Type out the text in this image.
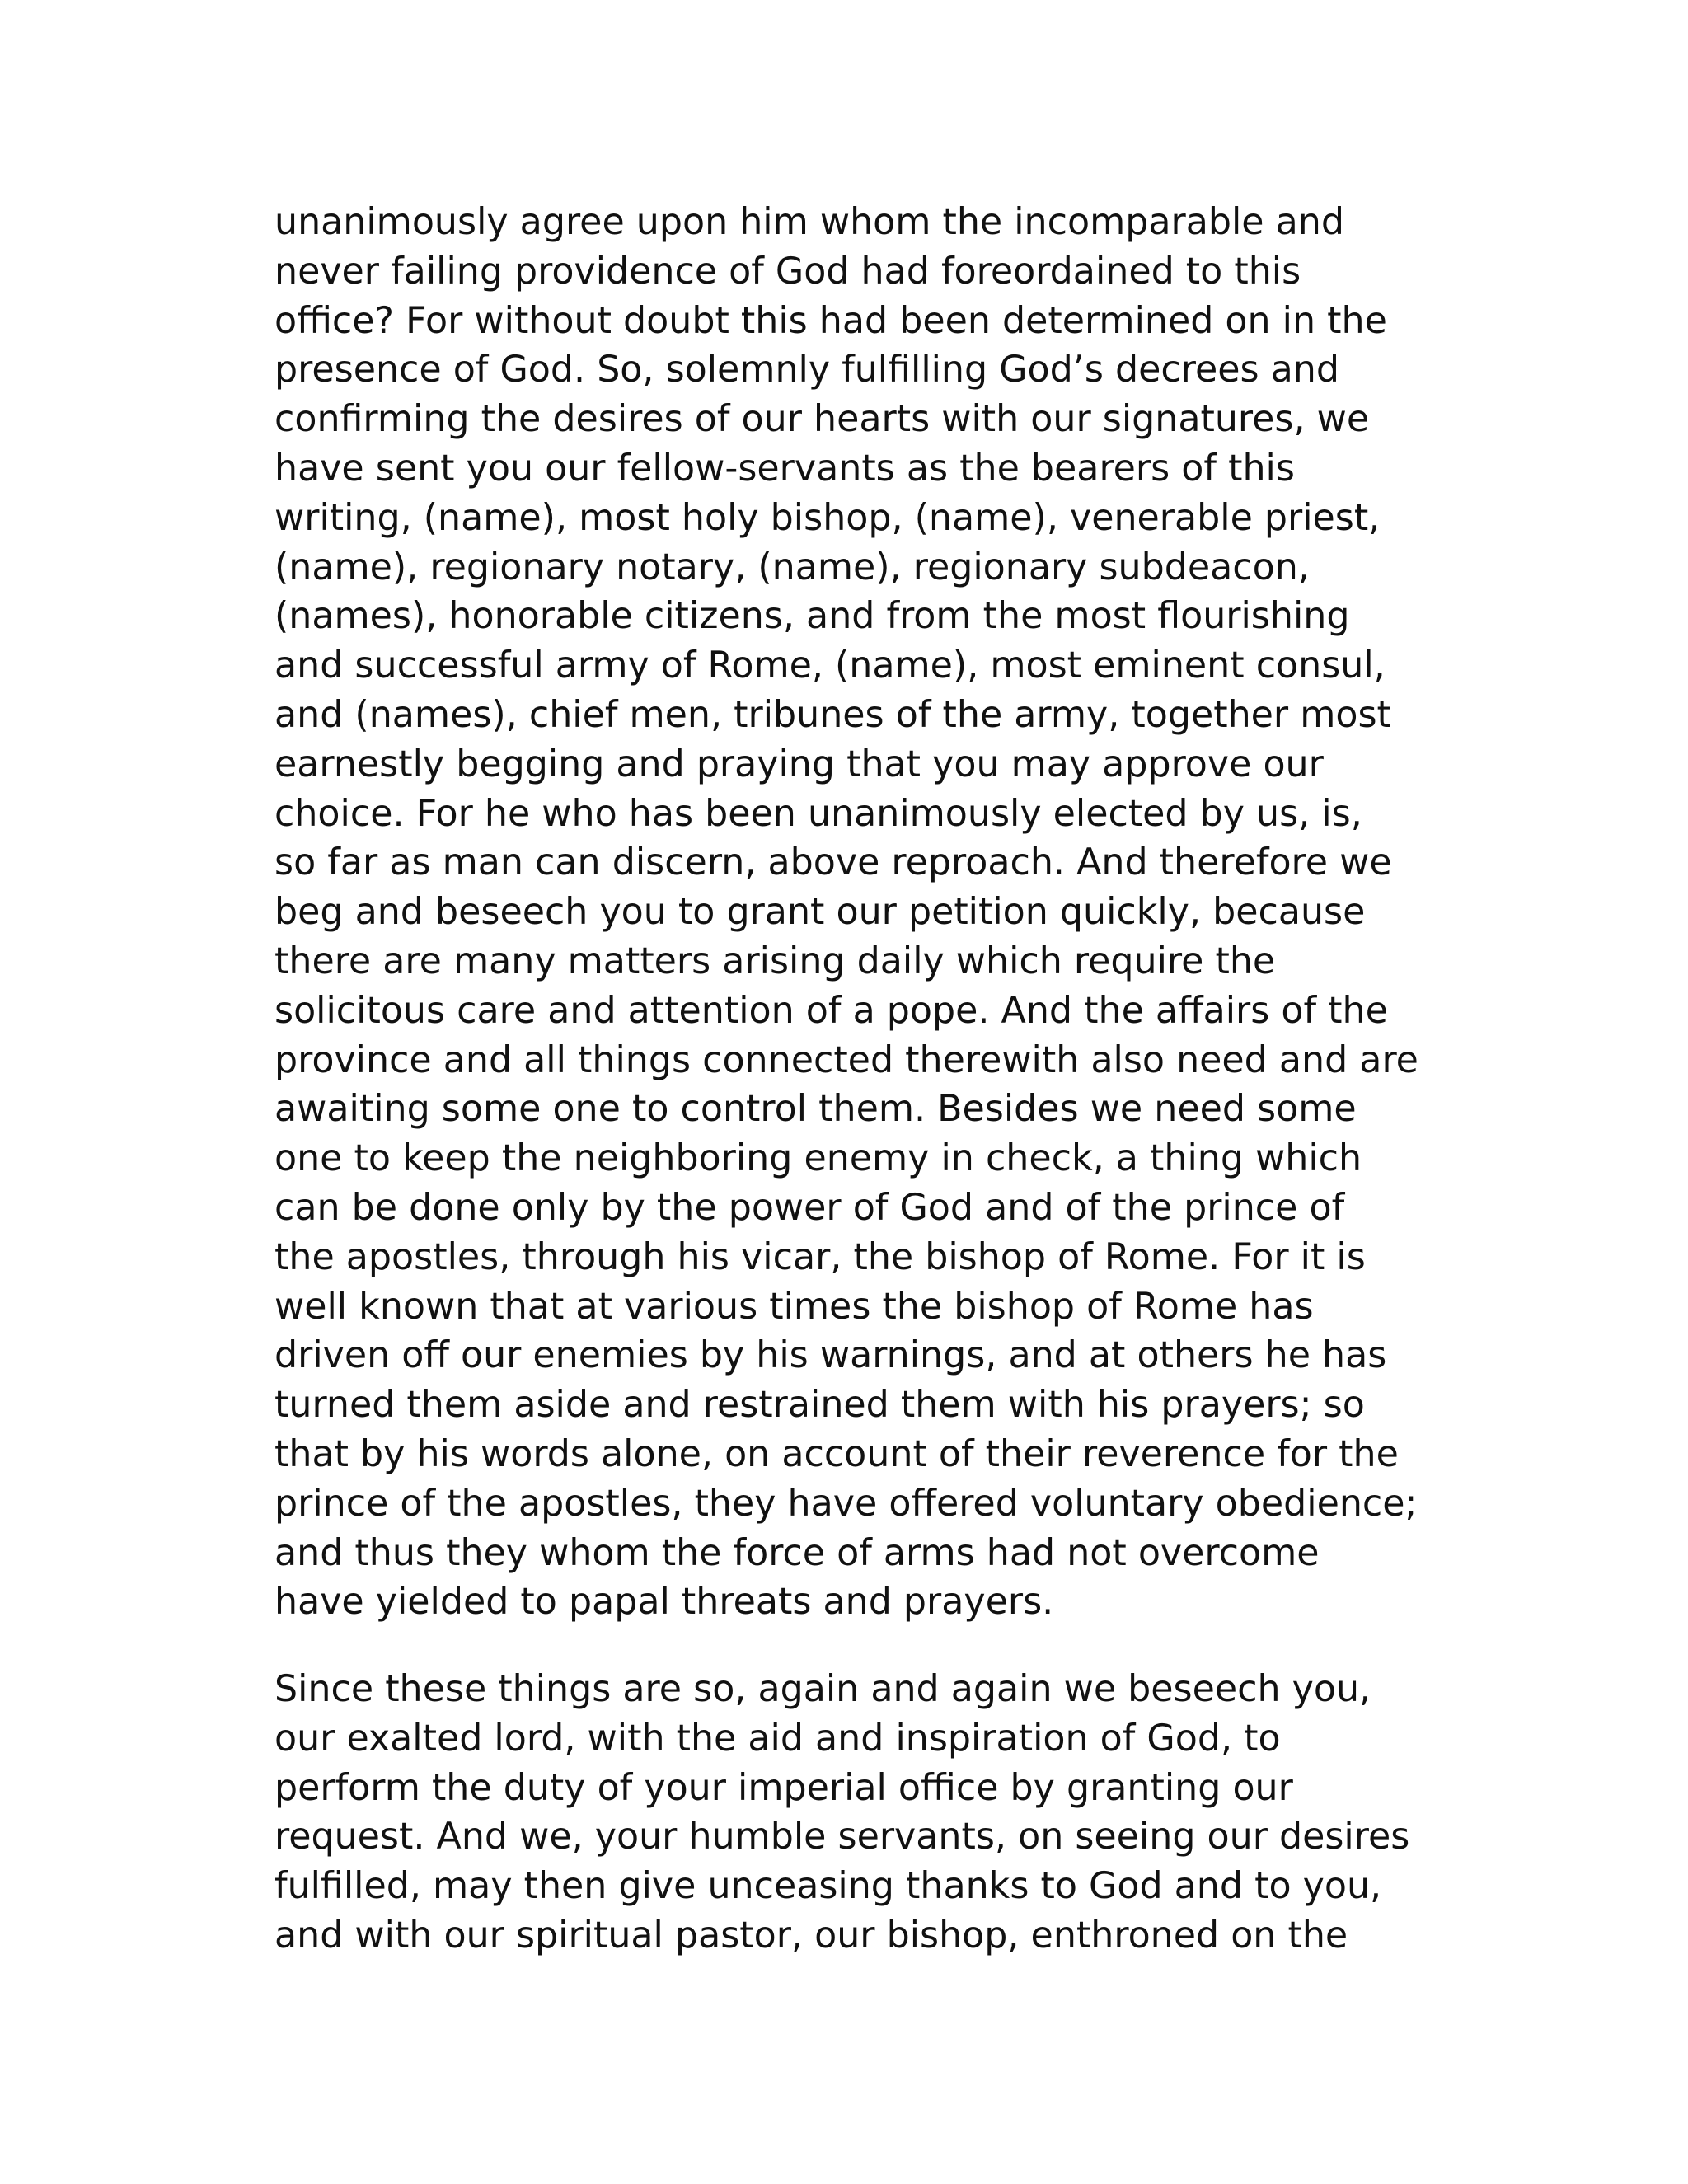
unanimously agree upon him whom the incomparable and
never failing providence of God had foreordained to this
office? For without doubt this had been determined on in the
presence of God. So, solemnly fulfilling God’s decrees and
confirming the desires of our hearts with our signatures, we
have sent you our fellow-servants as the bearers of this
writing, (name), most holy bishop, (name), venerable priest,
(name), regionary notary, (name), regionary subdeacon,
(names), honorable citizens, and from the most flourishing
and successful army of Rome, (name), most eminent consul,
and (names), chief men, tribunes of the army, together most
earnestly begging and praying that you may approve our
choice. For he who has been unanimously elected by us, is,
so far as man can discern, above reproach. And therefore we
beg and beseech you to grant our petition quickly, because
there are many matters arising daily which require the
solicitous care and attention of a pope. And the affairs of the
province and all things connected therewith also need and are
awaiting some one to control them. Besides we need some
one to keep the neighboring enemy in check, a thing which
can be done only by the power of God and of the prince of
the apostles, through his vicar, the bishop of Rome. For it is
well known that at various times the bishop of Rome has
driven off our enemies by his warnings, and at others he has
turned them aside and restrained them with his prayers; so
that by his words alone, on account of their reverence for the
prince of the apostles, they have offered voluntary obedience;
and thus they whom the force of arms had not overcome
have yielded to papal threats and prayers.
Since these things are so, again and again we beseech you,
our exalted lord, with the aid and inspiration of God, to
perform the duty of your imperial office by granting our
request. And we, your humble servants, on seeing our desires
fulfilled, may then give unceasing thanks to God and to you,
and with our spiritual pastor, our bishop, enthroned on the
